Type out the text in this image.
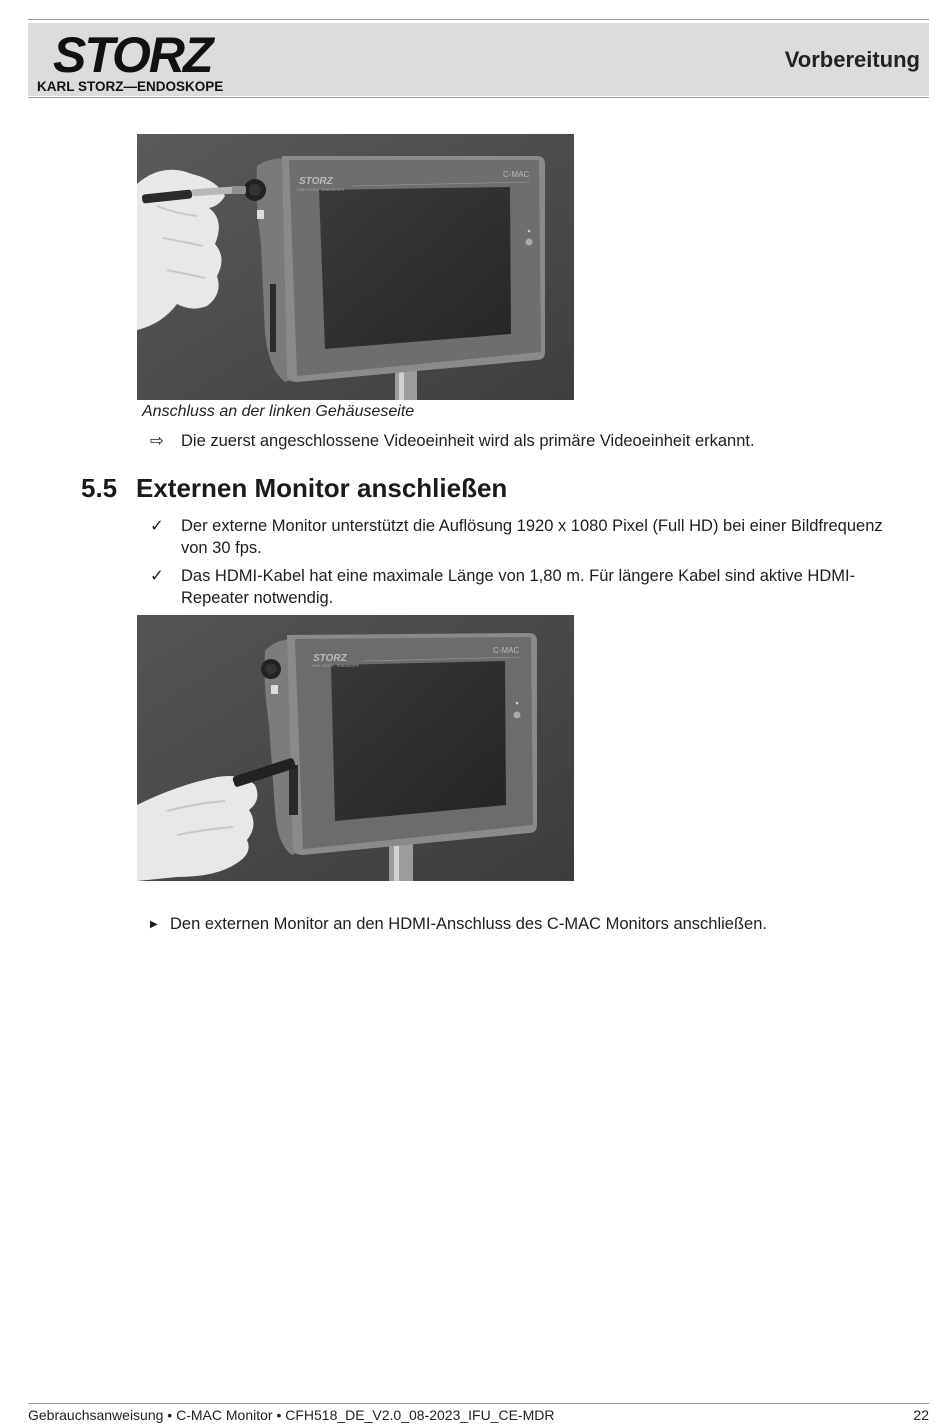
STORZ
KARL STORZ—ENDOSKOPE
Vorbereitung
STORZ
KARL STORZ · ENDOSKOPE
C-MAC
Anschluss an der linken Gehäuseseite
⇨ Die zuerst angeschlossene Videoeinheit wird als primäre Videoeinheit erkannt.
5.5 Externen Monitor anschließen
✓ Der externe Monitor unterstützt die Auflösung 1920 x 1080 Pixel (Full HD) bei einer Bildfrequenz
von 30 fps.
✓ Das HDMI-Kabel hat eine maximale Länge von 1,80 m. Für längere Kabel sind aktive HDMI-
Repeater notwendig.
STORZ
KARL STORZ · ENDOSKOPE
C-MAC
▶ Den externen Monitor an den HDMI-Anschluss des C-MAC Monitors anschließen.
Gebrauchsanweisung • C-MAC Monitor • CFH518_DE_V2.0_08-2023_IFU_CE-MDR	22
